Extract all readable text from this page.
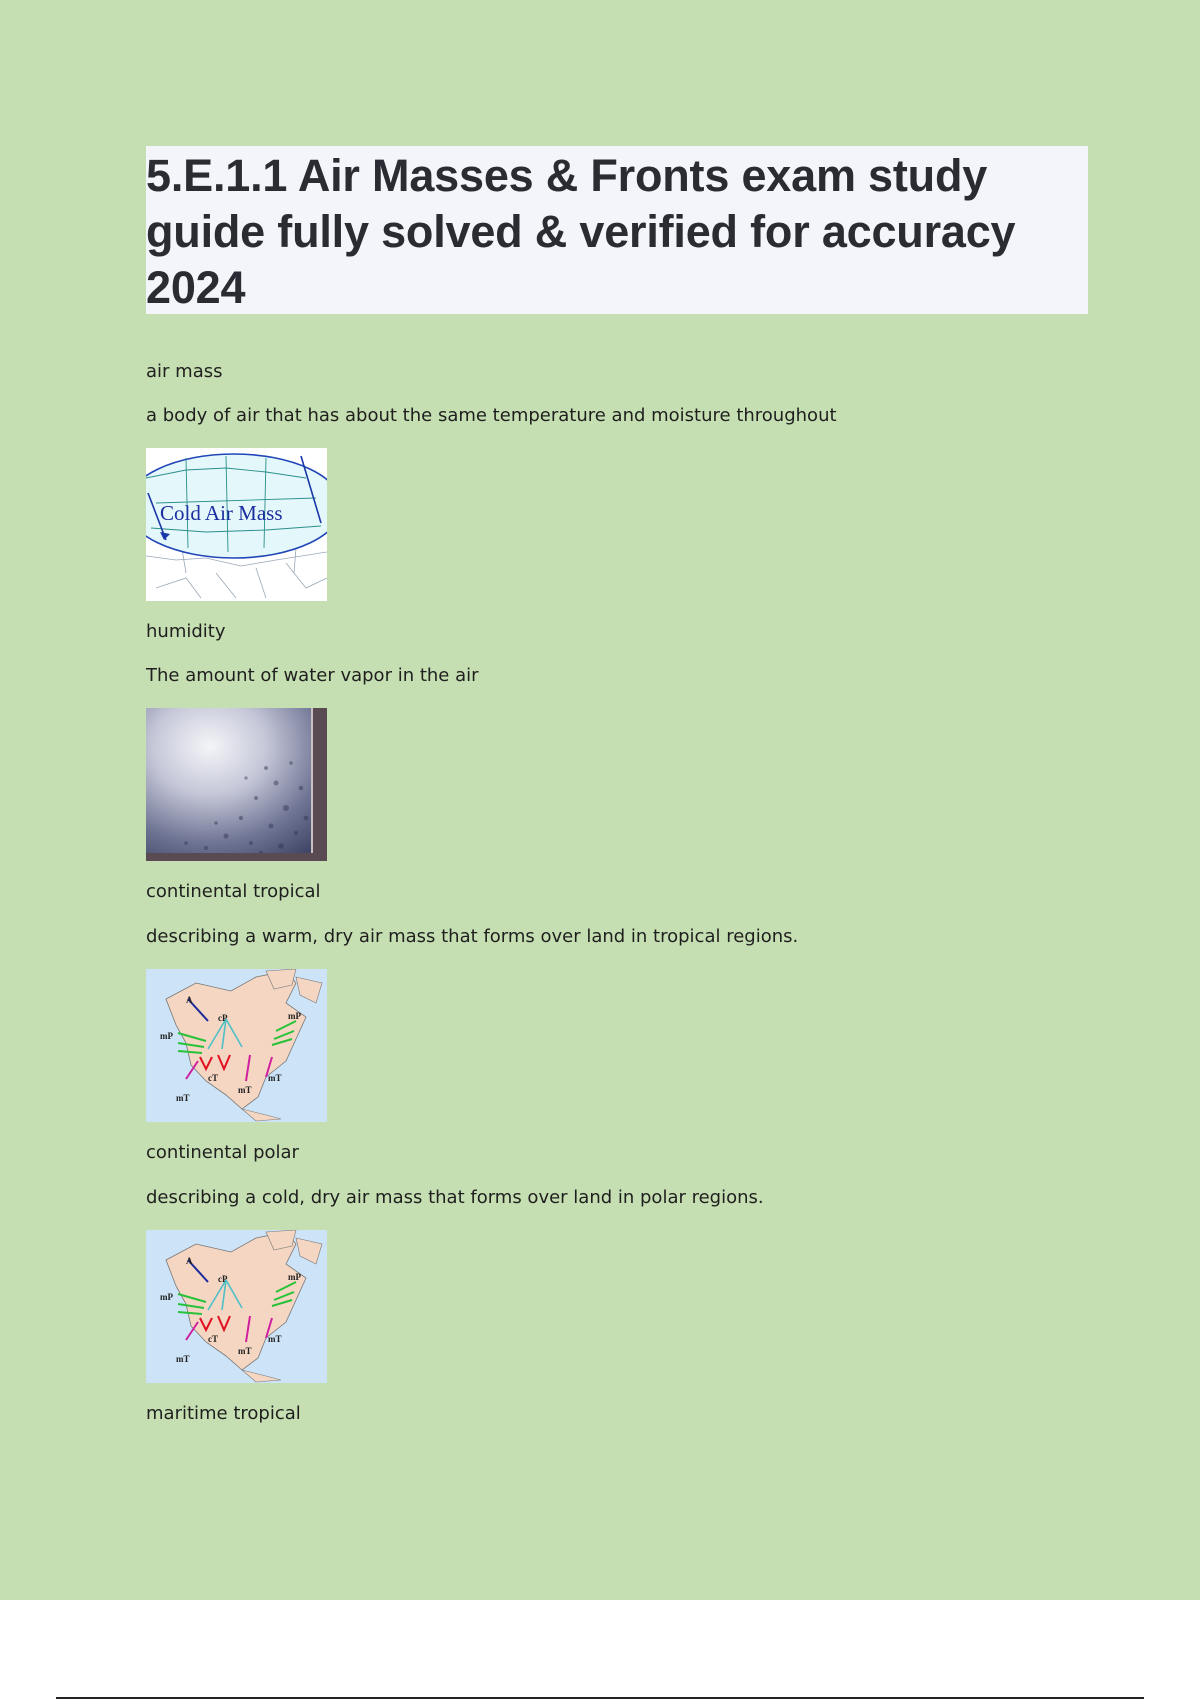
5.E.1.1 Air Masses & Fronts exam study guide fully solved & verified for accuracy 2024
air mass
a body of air that has about the same temperature and moisture throughout
Cold Air Mass
humidity
The amount of water vapor in the air
continental tropical
describing a warm, dry air mass that forms over land in tropical regions.
mP
cP	mP
cT
mT
mT
mT
A
continental polar
describing a cold, dry air mass that forms over land in polar regions.
mP
cP	mP
cT
mT
mT
mT
A
maritime tropical
